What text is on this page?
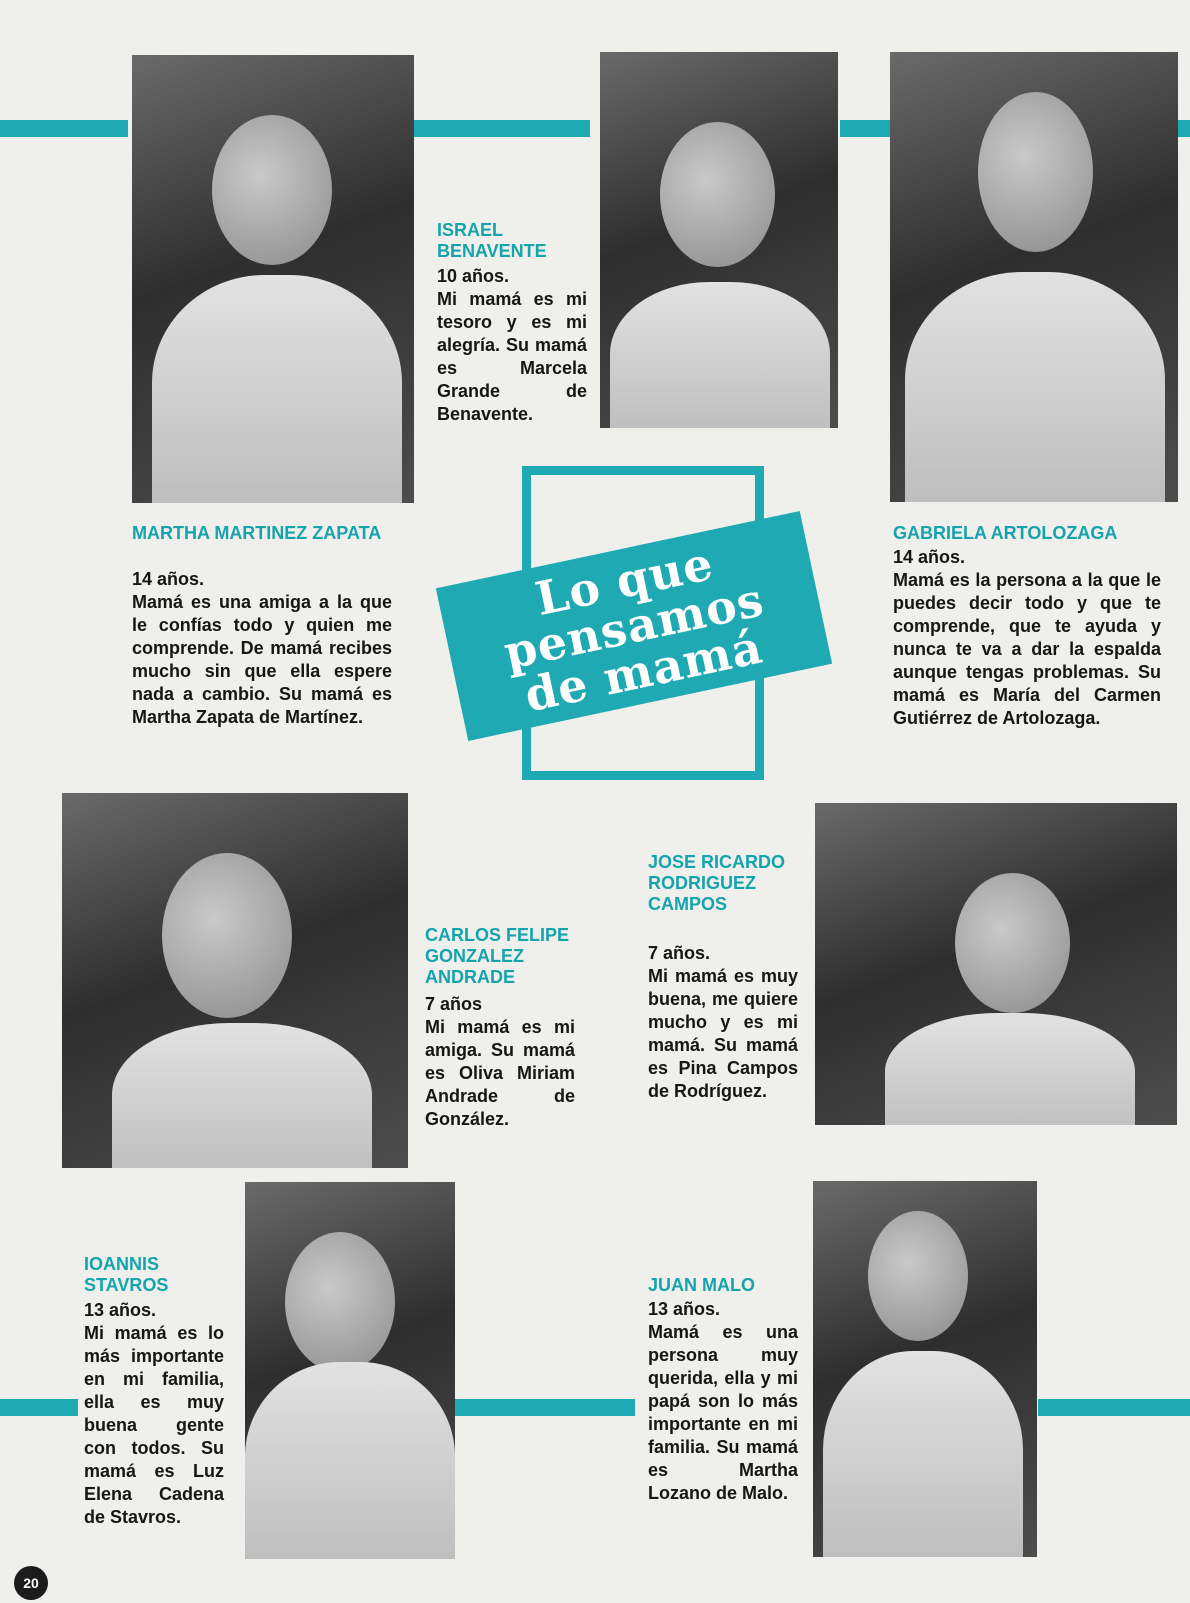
Lo que pensamos de mamá
MARTHA MARTINEZ ZAPATA

14 años.
Mamá es una amiga a la que le confías todo y quien me comprende. De mamá recibes mucho sin que ella espere nada a cambio. Su mamá es Martha Zapata de Martínez.

ISRAEL BENAVENTE

10 años.
Mi mamá es mi tesoro y es mi alegría. Su mamá es Marcela Grande de Benavente.

GABRIELA ARTOLOZAGA

14 años.
Mamá es la persona a la que le puedes decir todo y que te comprende, que te ayuda y nunca te va a dar la espalda aunque tengas problemas. Su mamá es María del Carmen Gutiérrez de Artolozaga.

CARLOS FELIPE GONZALEZ ANDRADE

7 años
Mi mamá es mi amiga. Su mamá es Oliva Miriam Andrade de González.

JOSE RICARDO RODRIGUEZ CAMPOS

7 años.
Mi mamá es muy buena, me quiere mucho y es mi mamá. Su mamá es Pina Campos de Rodríguez.

IOANNIS STAVROS

13 años.
Mi mamá es lo más importante en mi familia, ella es muy buena gente con todos. Su mamá es Luz Elena Cadena de Stavros.

JUAN MALO

13 años.
Mamá es una persona muy querida, ella y mi papá son lo más importante en mi familia. Su mamá es Martha Lozano de Malo.

20
